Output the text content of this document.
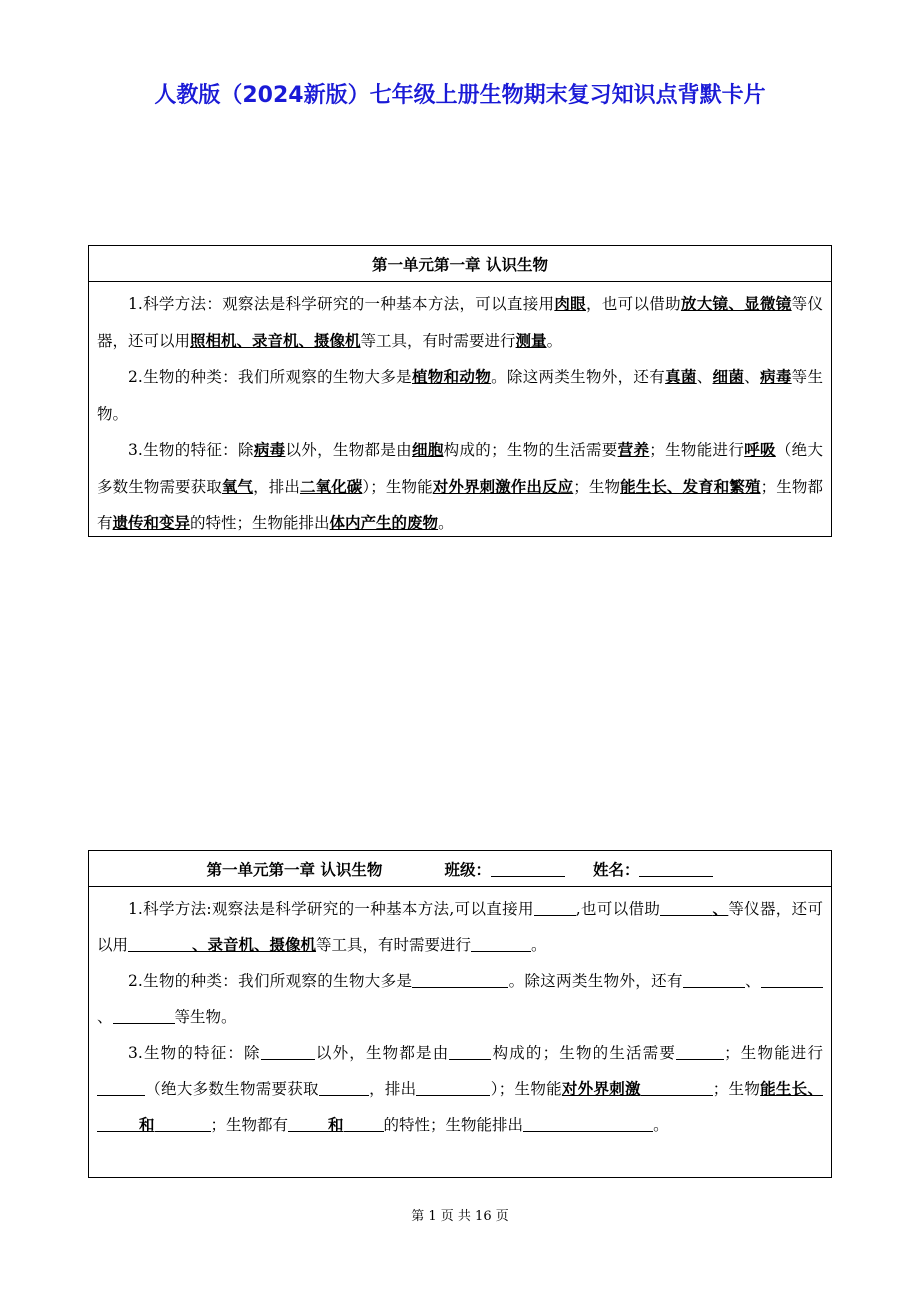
人教版（2024新版）七年级上册生物期末复习知识点背默卡片
第一单元第一章 认识生物

1.科学方法：观察法是科学研究的一种基本方法，可以直接用肉眼，也可以借助放大镜、显微镜等仪器，还可以用照相机、录音机、摄像机等工具，有时需要进行测量。

2.生物的种类：我们所观察的生物大多是植物和动物。除这两类生物外，还有真菌、细菌、病毒等生物。

3.生物的特征：除病毒以外，生物都是由细胞构成的；生物的生活需要营养；生物能进行呼吸（绝大多数生物需要获取氧气，排出二氧化碳）；生物能对外界刺激作出反应；生物能生长、发育和繁殖；生物都有遗传和变异的特性；生物能排出体内产生的废物。

第一单元第一章 认识生物	班级：	姓名：

1.科学方法:观察法是科学研究的一种基本方法,可以直接用	,也可以借助	、等仪器，还可以用	、录音机、摄像机等工具，有时需要进行	。

2.生物的种类：我们所观察的生物大多是	。除这两类生物外，还有	、、	等生物。

3.生物的特征：除	以外，生物都是由	构成的；生物的生活需要	；生物能进行（绝大多数生物需要获取	，排出	）；生物能对外界刺激	；生物能生长、和	；生物都有	和	的特性；生物能排出	。

第 1 页 共 16 页
